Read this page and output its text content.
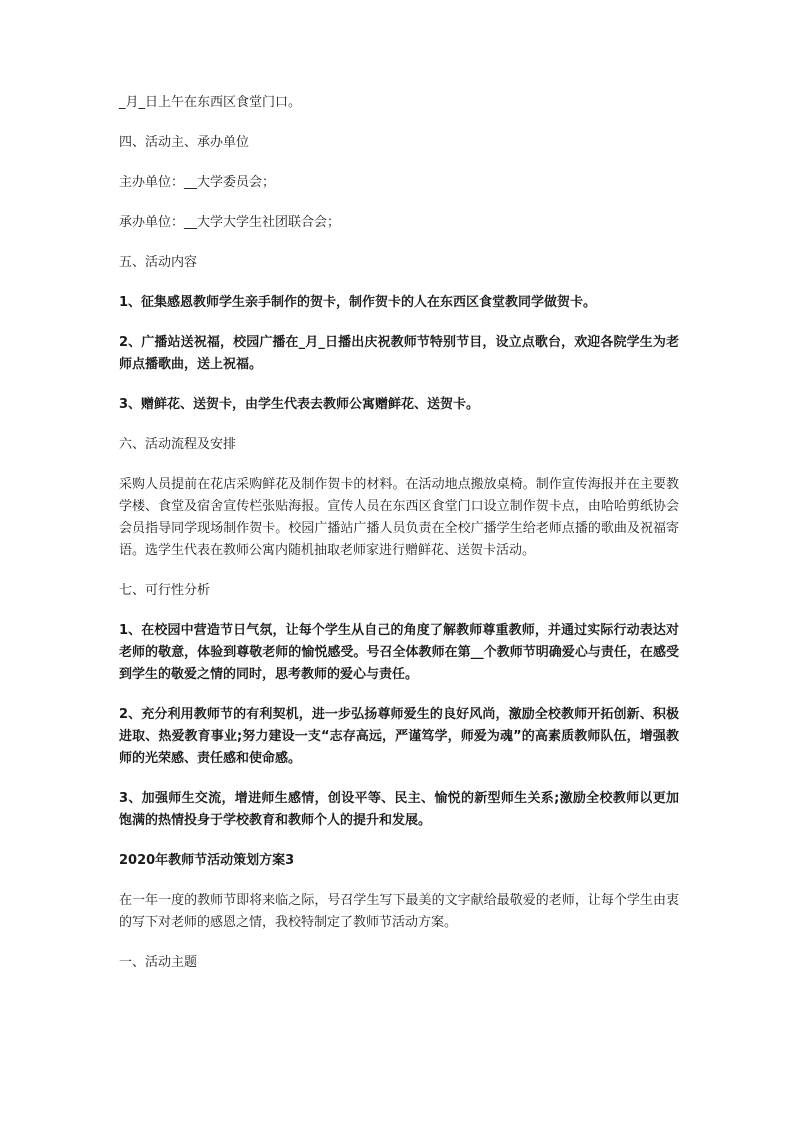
_月_日上午在东西区食堂门口。

四、活动主、承办单位

主办单位：__大学委员会；

承办单位：__大学大学生社团联合会；

五、活动内容

1、征集感恩教师学生亲手制作的贺卡，制作贺卡的人在东西区食堂教同学做贺卡。

2、广播站送祝福，校园广播在_月_日播出庆祝教师节特别节目，设立点歌台，欢迎各院学生为老师点播歌曲，送上祝福。

3、赠鲜花、送贺卡，由学生代表去教师公寓赠鲜花、送贺卡。

六、活动流程及安排

采购人员提前在花店采购鲜花及制作贺卡的材料。在活动地点搬放桌椅。制作宣传海报并在主要教学楼、食堂及宿舍宣传栏张贴海报。宣传人员在东西区食堂门口设立制作贺卡点，由哈哈剪纸协会会员指导同学现场制作贺卡。校园广播站广播人员负责在全校广播学生给老师点播的歌曲及祝福寄语。选学生代表在教师公寓内随机抽取老师家进行赠鲜花、送贺卡活动。

七、可行性分析

1、在校园中营造节日气氛，让每个学生从自己的角度了解教师尊重教师，并通过实际行动表达对老师的敬意，体验到尊敬老师的愉悦感受。号召全体教师在第__个教师节明确爱心与责任，在感受到学生的敬爱之情的同时，思考教师的爱心与责任。

2、充分利用教师节的有利契机，进一步弘扬尊师爱生的良好风尚，激励全校教师开拓创新、积极进取、热爱教育事业;努力建设一支“志存高远，严谨笃学，师爱为魂”的高素质教师队伍，增强教师的光荣感、责任感和使命感。

3、加强师生交流，增进师生感情，创设平等、民主、愉悦的新型师生关系;激励全校教师以更加饱满的热情投身于学校教育和教师个人的提升和发展。

2020年教师节活动策划方案3

在一年一度的教师节即将来临之际，号召学生写下最美的文字献给最敬爱的老师，让每个学生由衷的写下对老师的感恩之情，我校特制定了教师节活动方案。

一、活动主题
